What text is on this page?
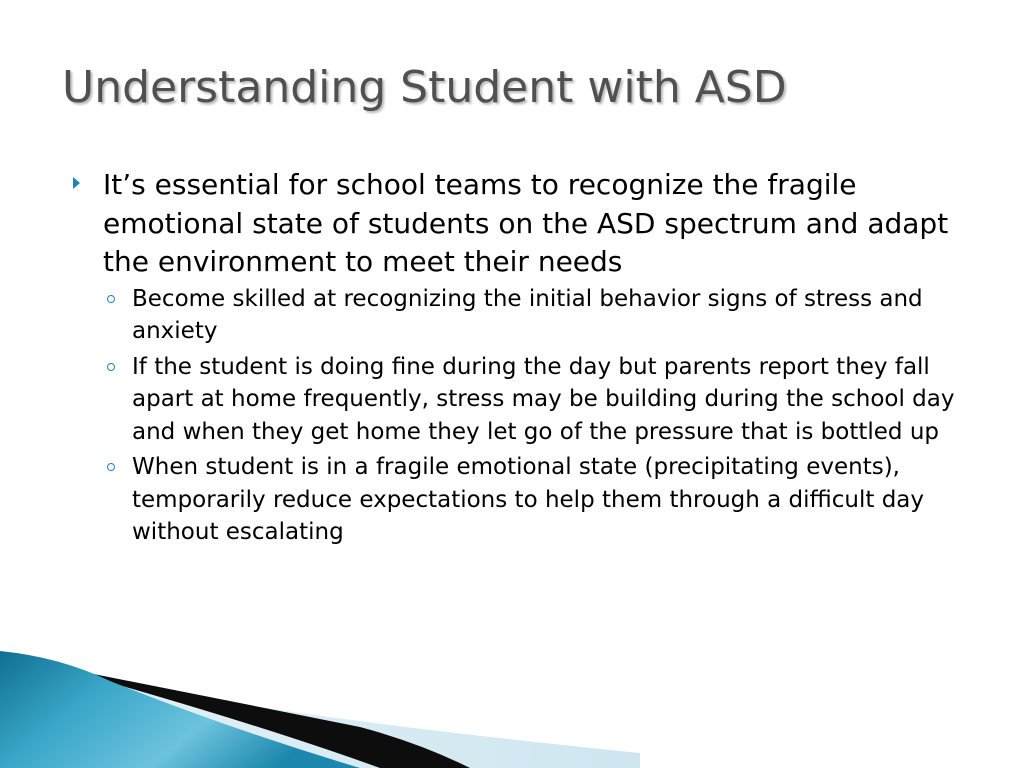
Understanding Student with ASD
It’s essential for school teams to recognize the fragile emotional state of students on the ASD spectrum and adapt the environment to meet their needs
Become skilled at recognizing the initial behavior signs of stress and anxiety
If the student is doing fine during the day but parents report they fall apart at home frequently, stress may be building during the school day and when they get home they let go of the pressure that is bottled up
When student is in a fragile emotional state (precipitating events), temporarily reduce expectations to help them through a difficult day without escalating
